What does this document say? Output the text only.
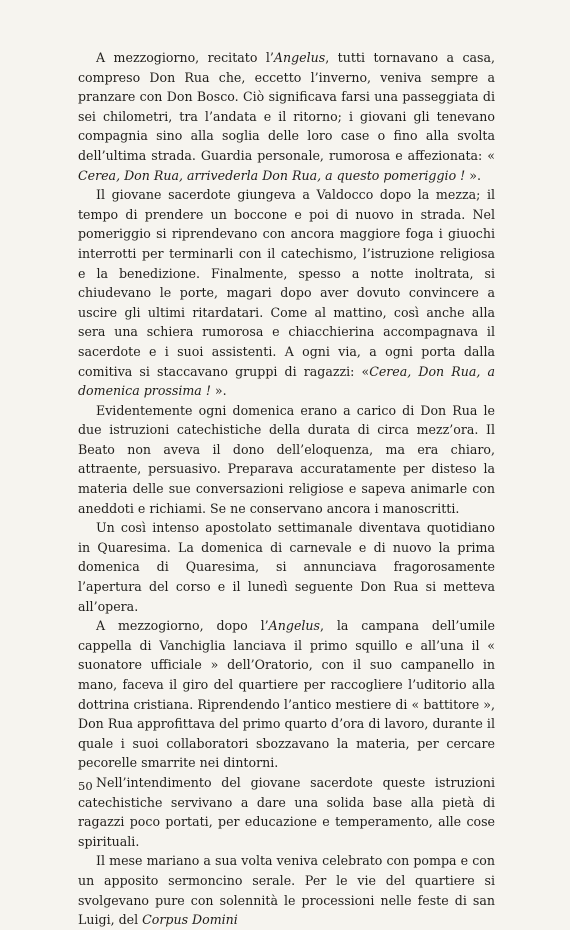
A mezzogiorno, recitato l’Angelus, tutti tornavano a casa, compreso Don Rua che, eccetto l’inverno, veniva sempre a pranzare con Don Bosco. Ciò significava farsi una passeggiata di sei chilometri, tra l’andata e il ritorno; i giovani gli tenevano compagnia sino alla soglia delle loro case o fino alla svolta dell’ultima strada. Guardia personale, rumorosa e affezionata: « Cerea, Don Rua, arrivederla Don Rua, a questo pomeriggio ! ».

Il giovane sacerdote giungeva a Valdocco dopo la mezza; il tempo di prendere un boccone e poi di nuovo in strada. Nel pomeriggio si riprendevano con ancora maggiore foga i giuochi interrotti per terminarli con il catechismo, l’istruzione religiosa e la benedizione. Finalmente, spesso a notte inoltrata, si chiudevano le porte, magari dopo aver dovuto convincere a uscire gli ultimi ritardatari. Come al mattino, così anche alla sera una schiera rumorosa e chiacchierina accompagnava il sacerdote e i suoi assistenti. A ogni via, a ogni porta dalla comitiva si staccavano gruppi di ragazzi: «Cerea, Don Rua, a domenica prossima ! ».

Evidentemente ogni domenica erano a carico di Don Rua le due istruzioni catechistiche della durata di circa mezz’ora. Il Beato non aveva il dono dell’eloquenza, ma era chiaro, attraente, persuasivo. Preparava accuratamente per disteso la materia delle sue conversazioni religiose e sapeva animarle con aneddoti e richiami. Se ne conservano ancora i manoscritti.

Un così intenso apostolato settimanale diventava quotidiano in Quaresima. La domenica di carnevale e di nuovo la prima domenica di Quaresima, si annunciava fragorosamente l’apertura del corso e il lunedì seguente Don Rua si metteva all’opera.

A mezzogiorno, dopo l’Angelus, la campana dell’umile cappella di Vanchiglia lanciava il primo squillo e all’una il « suonatore ufficiale » dell’Oratorio, con il suo campanello in mano, faceva il giro del quartiere per raccogliere l’uditorio alla dottrina cristiana. Riprendendo l’antico mestiere di « battitore », Don Rua approfittava del primo quarto d’ora di lavoro, durante il quale i suoi collaboratori sbozzavano la materia, per cercare pecorelle smarrite nei dintorni.

Nell’intendimento del giovane sacerdote queste istruzioni catechistiche servivano a dare una solida base alla pietà di ragazzi poco portati, per educazione e temperamento, alle cose spirituali.

Il mese mariano a sua volta veniva celebrato con pompa e con un apposito sermoncino serale. Per le vie del quartiere si svolgevano pure con solennità le processioni nelle feste di san Luigi, del Corpus Domini

50
